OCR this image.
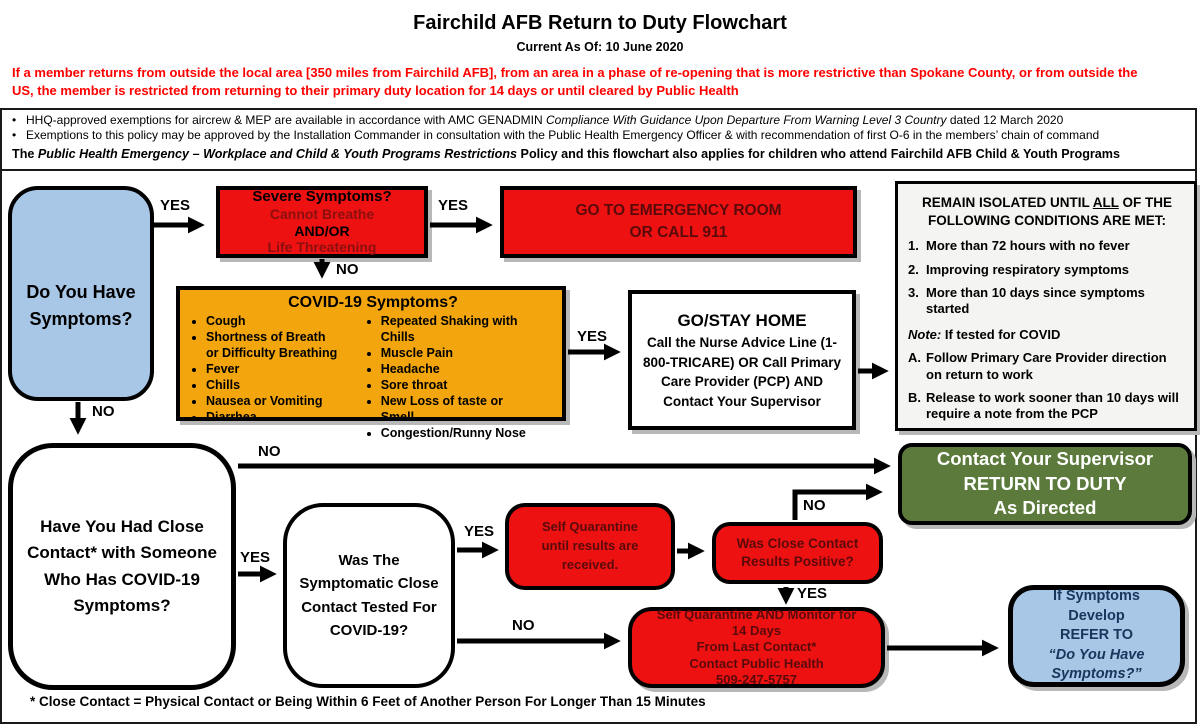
Fairchild AFB Return to Duty Flowchart
Current As Of: 10 June 2020
If a member returns from outside the local area [350 miles from Fairchild AFB], from an area in a phase of re-opening that is more restrictive than Spokane County, or from outside the US, the member is restricted from returning to their primary duty location for 14 days or until cleared by Public Health
• HHQ-approved exemptions for aircrew & MEP are available in accordance with AMC GENADMIN Compliance With Guidance Upon Departure From Warning Level 3 Country dated 12 March 2020
• Exemptions to this policy may be approved by the Installation Commander in consultation with the Public Health Emergency Officer & with recommendation of first O-6 in the members’ chain of command
The Public Health Emergency – Workplace and Child & Youth Programs Restrictions Policy and this flowchart also applies for children who attend Fairchild AFB Child & Youth Programs
Do You Have Symptoms?
Severe Symptoms?
Cannot Breathe
AND/OR
Life Threatening
GO TO EMERGENCY ROOM
OR CALL 911
COVID-19 Symptoms?
• Cough
• Shortness of Breath or Difficulty Breathing
• Fever
• Chills
• Nausea or Vomiting
• Diarrhea
• Repeated Shaking with Chills
• Muscle Pain
• Headache
• Sore throat
• New Loss of taste or Smell
• Congestion/Runny Nose
GO/STAY HOME
Call the Nurse Advice Line (1-800-TRICARE) OR Call Primary Care Provider (PCP) AND Contact Your Supervisor
REMAIN ISOLATED UNTIL ALL OF THE FOLLOWING CONDITIONS ARE MET:
1. More than 72 hours with no fever
2. Improving respiratory symptoms
3. More than 10 days since symptoms started
Note: If tested for COVID
A. Follow Primary Care Provider direction on return to work
B. Release to work sooner than 10 days will require a note from the PCP
Have You Had Close Contact* with Someone Who Has COVID-19 Symptoms?
Was The Symptomatic Close Contact Tested For COVID-19?
Contact Your Supervisor
RETURN TO DUTY
As Directed
Self Quarantine until results are received.
Was Close Contact Results Positive?
Self Quarantine AND Monitor for
14 Days
From Last Contact*
Contact Public Health
509-247-5757
If Symptoms Develop
REFER TO
“Do You Have Symptoms?”
* Close Contact = Physical Contact or Being Within 6 Feet of Another Person For Longer Than 15 Minutes
YES	YES
NO
YES
NO
NO
YES
YES
NO
YES
NO
